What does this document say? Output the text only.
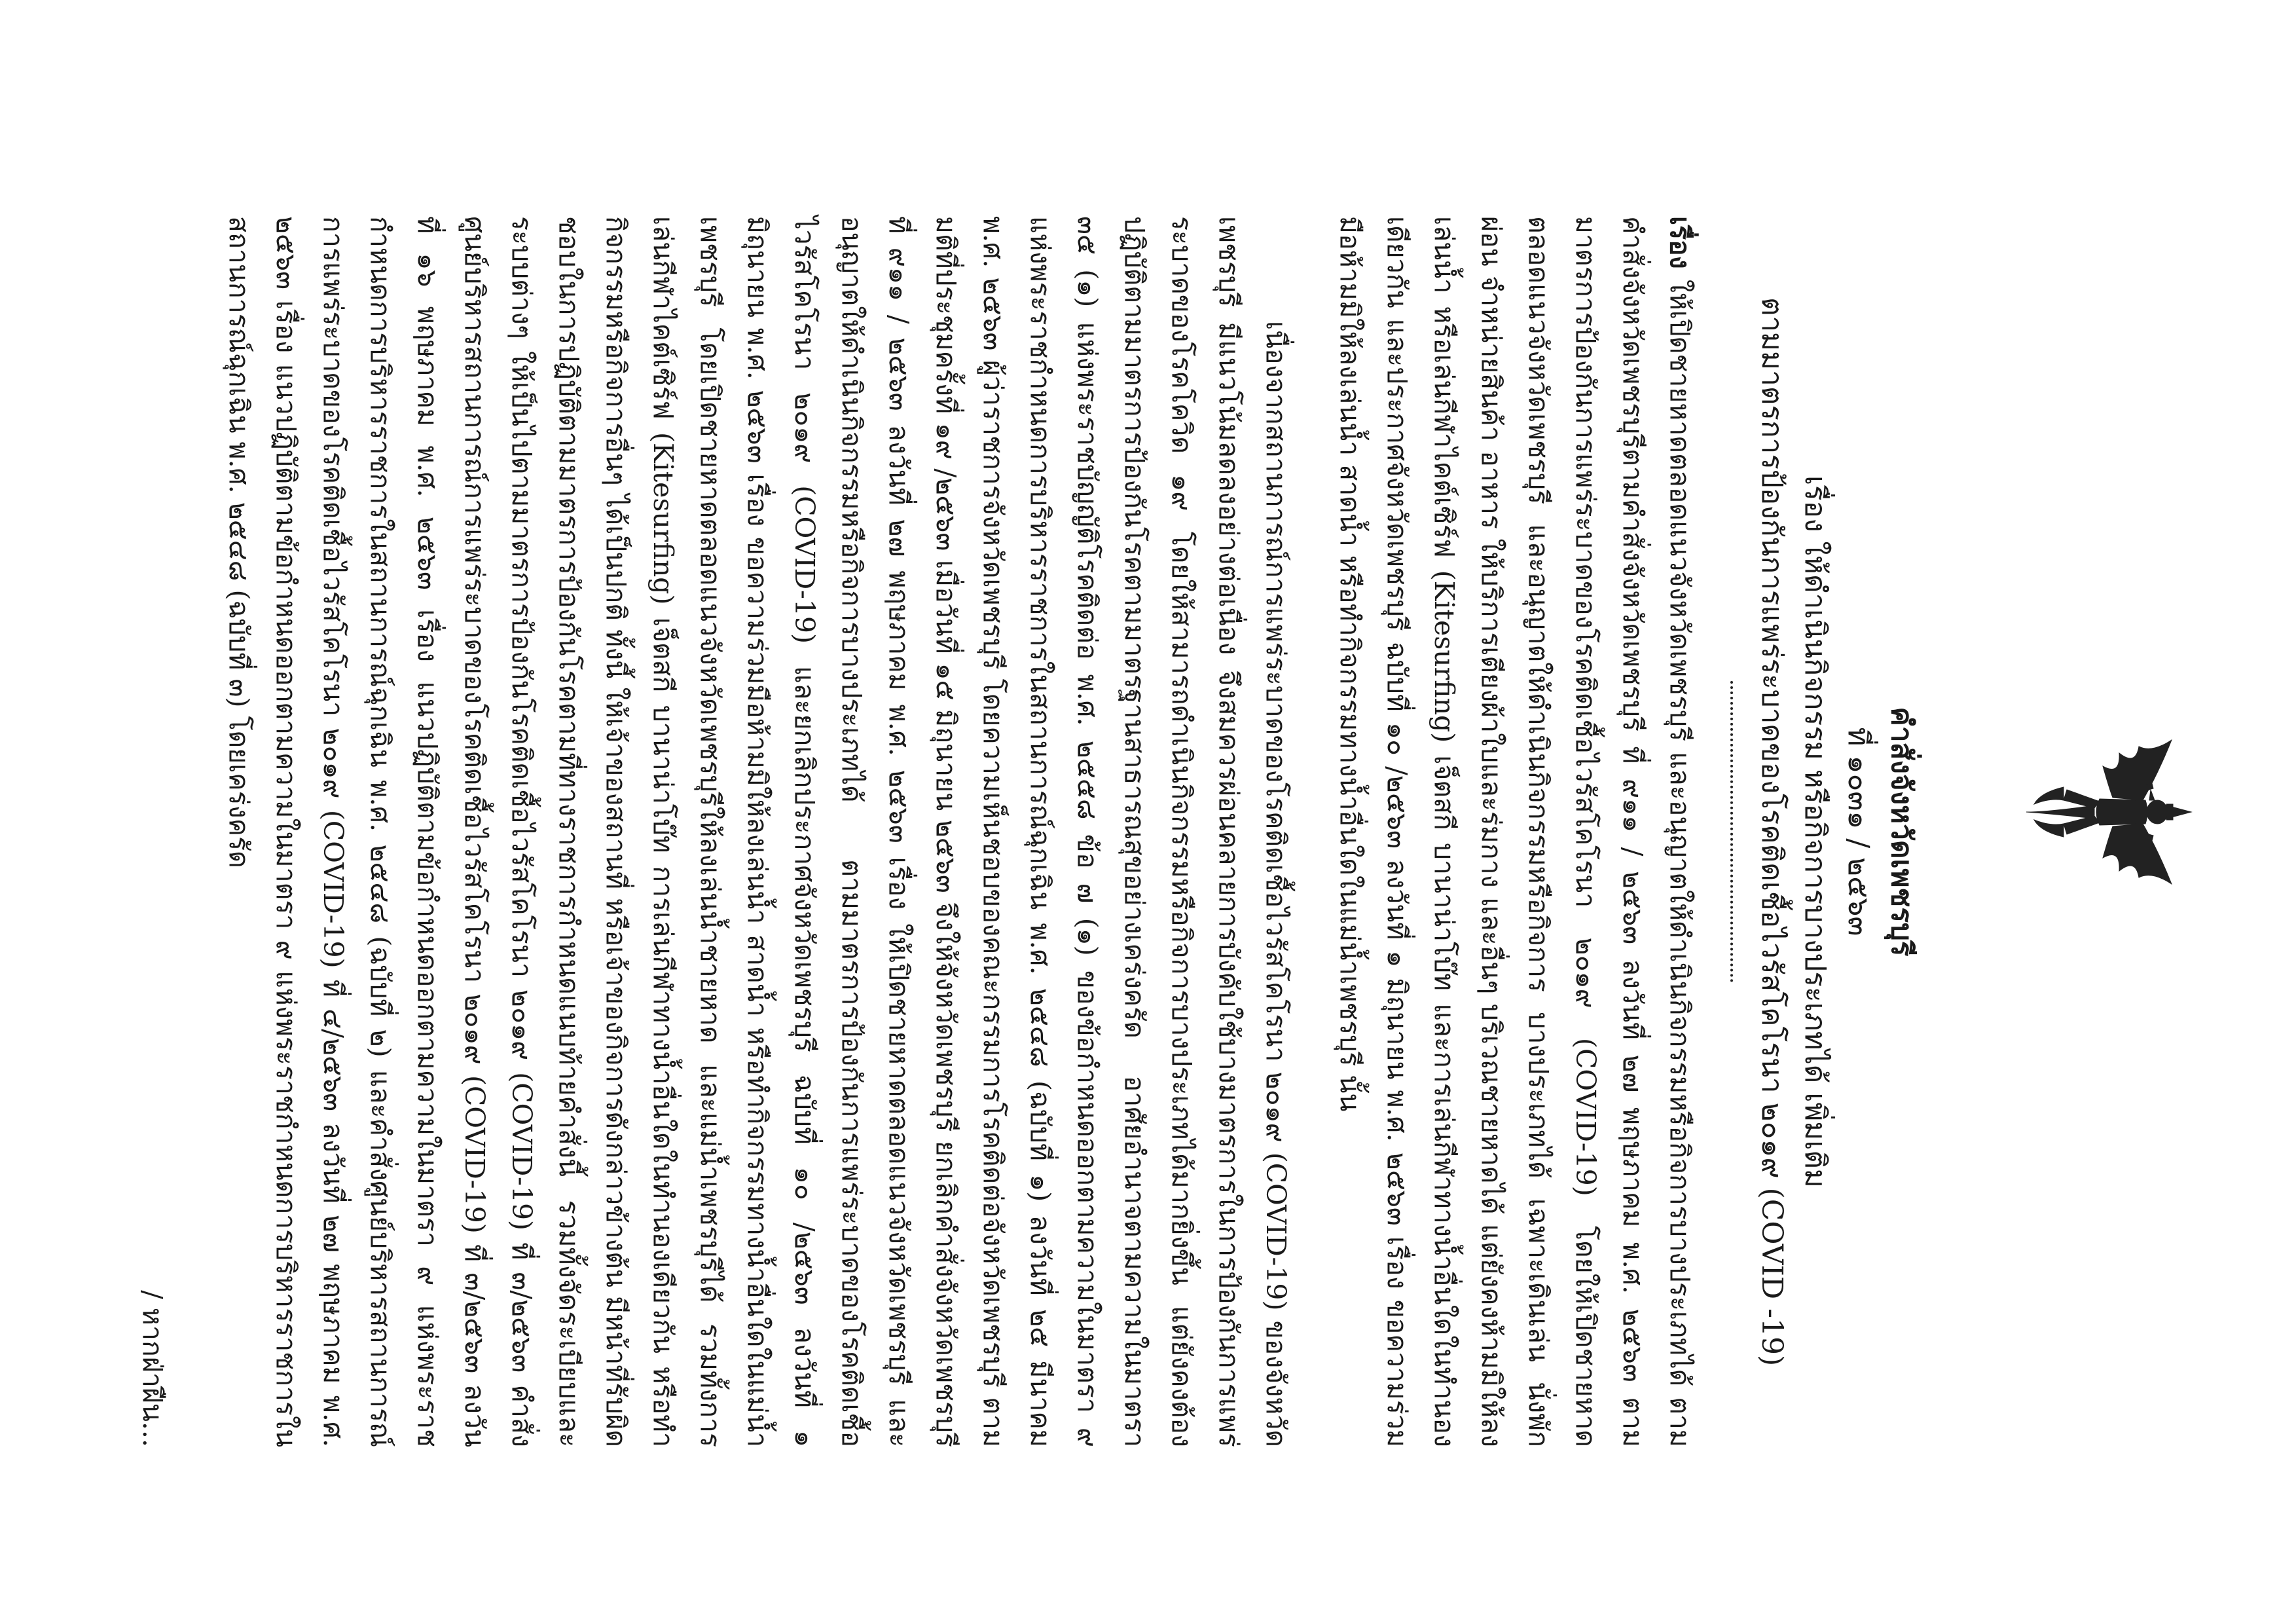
คำสั่งจังหวัดเพชรบุรี
ที่ ๑๐๓๑ / ๒๕๖๓
เรื่อง ให้ดำเนินกิจกรรม หรือกิจการบางประเภทได้ เพิ่มเติม
ตามมาตรการป้องกันการแพร่ระบาดของโรคติดเชื้อไวรัสโคโรนา ๒๐๑๙ (COVID -19)

เรื่อง ให้เปิดชายหาดตลอดแนวจังหวัดเพชรบุรี และอนุญาตให้ดำเนินกิจกรรมหรือกิจการบางประเภทได้ ตามคำสั่งจังหวัดเพชรบุรีตามคำสั่งจังหวัดเพชรบุรี ที่ ๙๑๑ / ๒๕๖๓ ลงวันที่ ๒๗ พฤษภาคม พ.ศ. ๒๕๖๓ ตามมาตรการป้องกันการแพร่ระบาดของโรคติดเชื้อไวรัสโคโรนา ๒๐๑๙ (COVID-19) โดยให้เปิดชายหาดตลอดแนวจังหวัดเพชรบุรี และอนุญาตให้ดำเนินกิจกรรมหรือกิจการ บางประเภทได้ เฉพาะเดินเล่น นั่งพักผ่อน จำหน่ายสินค้า อาหาร ให้บริการเตียงผ้าใบและร่มกาง และอื่นๆ บริเวณชายหาดได้ แต่ยังคงห้ามมิให้ลงเล่นน้ำ หรือเล่นกีฬาไคต์เซิร์ฟ (Kitesurfing) เจ็ตสกี บานาน่าโบ๊ท และการเล่นกีฬาทางน้ำอื่นใดในทำนองเดียวกัน และประกาศจังหวัดเพชรบุรี ฉบับที่ ๑๐ /๒๕๖๓ ลงวันที่ ๑ มิถุนายน พ.ศ. ๒๕๖๓ เรื่อง ขอความร่วมมือห้ามมิให้ลงเล่นน้ำ สาดน้ำ หรือทำกิจกรรมทางน้ำอื่นใดในแม่น้ำเพชรบุรี นั้น

เนื่องจากสถานการณ์การแพร่ระบาดของโรคติดเชื้อไวรัสโคโรนา ๒๐๑๙ (COVID-19) ของจังหวัดเพชรบุรี มีแนวโน้มลดลงอย่างต่อเนื่อง จึงสมควรผ่อนคลายการบังคับใช้บางมาตรการในการป้องกันการแพร่ระบาดของโรคโควิด ๑๙ โดยให้สามารถดำเนินกิจกรรมหรือกิจการบางประเภทได้มากยิ่งขึ้น แต่ยังคงต้องปฏิบัติตามมาตรการป้องกันโรคตามมาตรฐานสาธารณสุขอย่างเคร่งครัด อาศัยอำนาจตามความในมาตรา ๓๕ (๑) แห่งพระราชบัญญัติโรคติดต่อ พ.ศ. ๒๕๕๘ ข้อ ๗ (๑) ของข้อกำหนดออกตามความในมาตรา ๙ แห่งพระราชกำหนดการบริหารราชการในสถานการณ์ฉุกเฉิน พ.ศ. ๒๕๔๘ (ฉบับที่ ๑) ลงวันที่ ๒๕ มีนาคม พ.ศ. ๒๕๖๓ ผู้ว่าราชการจังหวัดเพชรบุรี โดยความเห็นชอบของคณะกรรมการโรคติดต่อจังหวัดเพชรบุรี ตามมติที่ประชุมครั้งที่ ๑๙ /๒๕๖๓ เมื่อวันที่ ๑๕ มิถุนายน ๒๕๖๓ จึงให้จังหวัดเพชรบุรี ยกเลิกคำสั่งจังหวัดเพชรบุรี ที่ ๙๑๑ / ๒๕๖๓ ลงวันที่ ๒๗ พฤษภาคม พ.ศ. ๒๕๖๓ เรื่อง ให้เปิดชายหาดตลอดแนวจังหวัดเพชรบุรี และอนุญาตให้ดำเนินกิจกรรมหรือกิจการบางประเภทได้ ตามมาตรการป้องกันการแพร่ระบาดของโรคติดเชื้อไวรัสโคโรนา ๒๐๑๙ (COVID-19) และยกเลิกประกาศจังหวัดเพชรบุรี ฉบับที่ ๑๐ /๒๕๖๓ ลงวันที่ ๑ มิถุนายน พ.ศ. ๒๕๖๓ เรื่อง ขอความร่วมมือห้ามมิให้ลงเล่นน้ำ สาดน้ำ หรือทำกิจกรรมทางน้ำอื่นใดในแม่น้ำเพชรบุรี โดยเปิดชายหาดตลอดแนวจังหวัดเพชรบุรีให้ลงเล่นน้ำชายหาด และแม่น้ำเพชรบุรีได้ รวมทั้งการเล่นกีฬาไคต์เซิร์ฟ (Kitesurfing) เจ็ตสกี บานาน่าโบ๊ท การเล่นกีฬาทางน้ำอื่นใดในทำนองเดียวกัน หรือทำกิจกรรมหรือกิจการอื่นๆ ได้เป็นปกติ ทั้งนี้ ให้เจ้าของสถานที่ หรือเจ้าของกิจการดังกล่าวข้างต้น มีหน้าที่รับผิดชอบในการปฏิบัติตามมาตรการป้องกันโรคตามที่ทางราชการกำหนดแนบท้ายคำสั่งนี้ รวมทั้งจัดระเบียบและระบบต่างๆ ให้เป็นไปตามมาตรการป้องกันโรคติดเชื้อไวรัสโคโรนา ๒๐๑๙ (COVID-19) ที่ ๓/๒๕๖๓ คำสั่งศูนย์บริหารสถานการณ์การแพร่ระบาดของโรคติดเชื้อไวรัสโคโรนา ๒๐๑๙ (COVID-19) ที่ ๓/๒๕๖๓ ลงวันที่ ๑๖ พฤษภาคม พ.ศ. ๒๕๖๓ เรื่อง แนวปฏิบัติตามข้อกำหนดออกตามความในมาตรา ๙ แห่งพระราชกำหนดการบริหารราชการในสถานการณ์ฉุกเฉิน พ.ศ. ๒๕๔๘ (ฉบับที่ ๒) และคำสั่งศูนย์บริหารสถานการณ์การแพร่ระบาดของโรคติดเชื้อไวรัสโคโรนา ๒๐๑๙ (COVID-19) ที่ ๔/๒๕๖๓ ลงวันที่ ๒๗ พฤษภาคม พ.ศ. ๒๕๖๓ เรื่อง แนวปฏิบัติตามข้อกำหนดออกตามความในมาตรา ๙ แห่งพระราชกำหนดการบริหารราชการในสถานการณ์ฉุกเฉิน พ.ศ. ๒๕๔๘ (ฉบับที่ ๓) โดยเคร่งครัด

/ หากฝ่าฝืน...
